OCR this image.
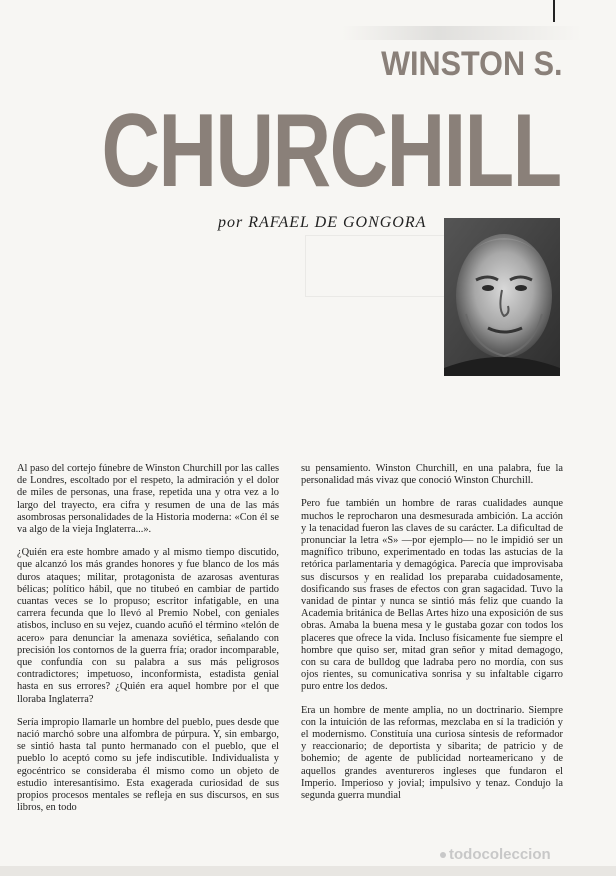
WINSTON S.
CHURCHILL

por RAFAEL DE GONGORA

Al paso del cortejo fúnebre de Winston Churchill por las calles de Londres, escoltado por el respeto, la admiración y el dolor de miles de personas, una frase, repetida una y otra vez a lo largo del trayecto, era cifra y resumen de una de las más asombrosas personalidades de la Historia moderna: «Con él se va algo de la vieja Inglaterra...».

¿Quién era este hombre amado y al mismo tiempo discutido, que alcanzó los más grandes honores y fue blanco de los más duros ataques; militar, protagonista de azarosas aventuras bélicas; político hábil, que no titubeó en cambiar de partido cuantas veces se lo propuso; escritor infatigable, en una carrera fecunda que lo llevó al Premio Nobel, con geniales atisbos, incluso en su vejez, cuando acuñó el término «telón de acero» para denunciar la amenaza soviética, señalando con precisión los contornos de la guerra fría; orador incomparable, que confundía con su palabra a sus más peligrosos contradictores; impetuoso, inconformista, estadista genial hasta en sus errores? ¿Quién era aquel hombre por el que lloraba Inglaterra?

Sería impropio llamarle un hombre del pueblo, pues desde que nació marchó sobre una alfombra de púrpura. Y, sin embargo, se sintió hasta tal punto hermanado con el pueblo, que el pueblo lo aceptó como su jefe indiscutible. Individualista y egocéntrico se consideraba él mismo como un objeto de estudio interesantísimo. Esta exagerada curiosidad de sus propios procesos mentales se refleja en sus discursos, en sus libros, en todo

su pensamiento. Winston Churchill, en una palabra, fue la personalidad más vivaz que conoció Winston Churchill.

Pero fue también un hombre de raras cualidades aunque muchos le reprocharon una desmesurada ambición. La acción y la tenacidad fueron las claves de su carácter. La dificultad de pronunciar la letra «S» —por ejemplo— no le impidió ser un magnífico tribuno, experimentado en todas las astucias de la retórica parlamentaria y demagógica. Parecía que improvisaba sus discursos y en realidad los preparaba cuidadosamente, dosificando sus frases de efectos con gran sagacidad. Tuvo la vanidad de pintar y nunca se sintió más feliz que cuando la Academia británica de Bellas Artes hizo una exposición de sus obras. Amaba la buena mesa y le gustaba gozar con todos los placeres que ofrece la vida. Incluso físicamente fue siempre el hombre que quiso ser, mitad gran señor y mitad demagogo, con su cara de bulldog que ladraba pero no mordía, con sus ojos rientes, su comunicativa sonrisa y su infaltable cigarro puro entre los dedos.

Era un hombre de mente amplia, no un doctrinario. Siempre con la intuición de las reformas, mezclaba en sí la tradición y el modernismo. Constituía una curiosa síntesis de reformador y reaccionario; de deportista y sibarita; de patricio y de bohemio; de agente de publicidad norteamericano y de aquellos grandes aventureros ingleses que fundaron el Imperio. Imperioso y jovial; impulsivo y tenaz. Condujo la segunda guerra mundial

todocoleccion
